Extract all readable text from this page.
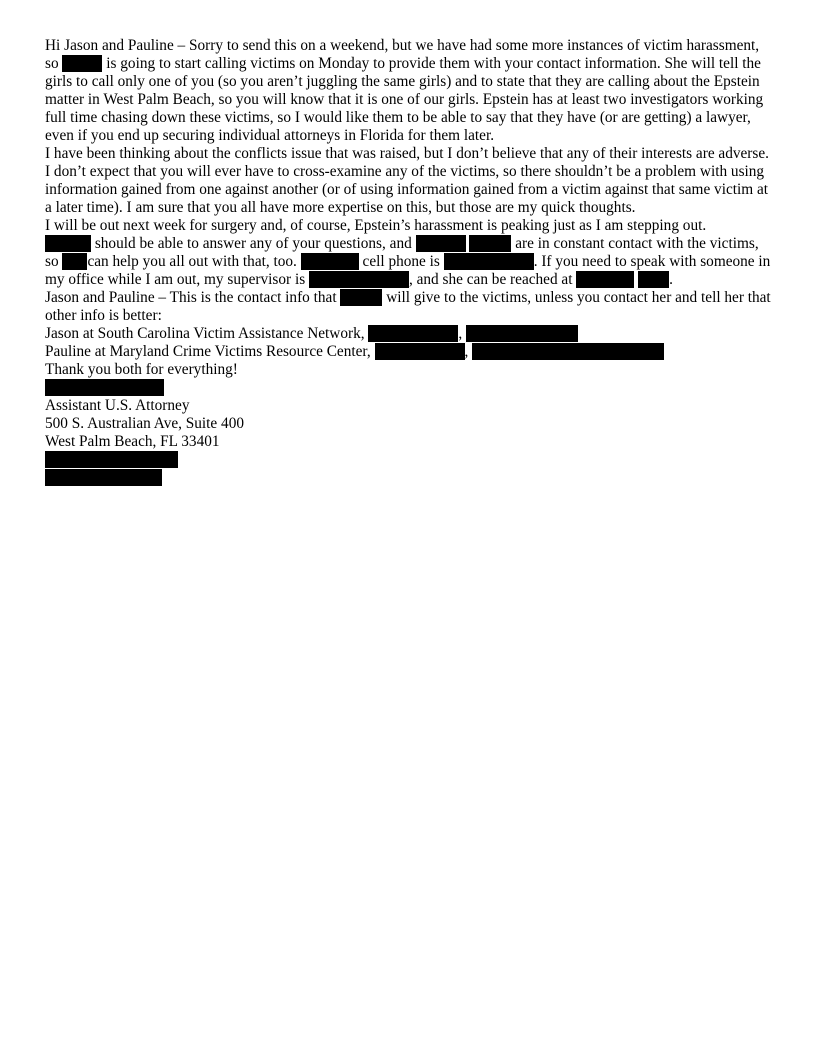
Hi Jason and Pauline – Sorry to send this on a weekend, but we have had some more instances of victim harassment, so	is going to start calling victims on Monday to provide them with your contact information. She will tell the girls to call only one of you (so you aren’t juggling the same girls) and to state that they are calling about the Epstein matter in West Palm Beach, so you will know that it is one of our girls. Epstein has at least two investigators working full time chasing down these victims, so I would like them to be able to say that they have (or are getting) a lawyer, even if you end up securing individual attorneys in Florida for them later.

I have been thinking about the conflicts issue that was raised, but I don’t believe that any of their interests are adverse. I don’t expect that you will ever have to cross-examine any of the victims, so there shouldn’t be a problem with using information gained from one against another (or of using information gained from a victim against that same victim at a later time). I am sure that you all have more expertise on this, but those are my quick thoughts.

I will be out next week for surgery and, of course, Epstein’s harassment is peaking just as I am stepping out.
should be able to answer any of your questions, and	are in constant contact with the victims, so can help you all out with that, too.	cell phone is	. If you need to speak with someone in my office while I am out, my supervisor is	, and she can be reached at	.

Jason and Pauline – This is the contact info that	will give to the victims, unless you contact her and tell her that other info is better:

Jason at South Carolina Victim Assistance Network,	,

Pauline at Maryland Crime Victims Resource Center,	,

Thank you both for everything!

Assistant U.S. Attorney
500 S. Australian Ave, Suite 400
West Palm Beach, FL 33401
